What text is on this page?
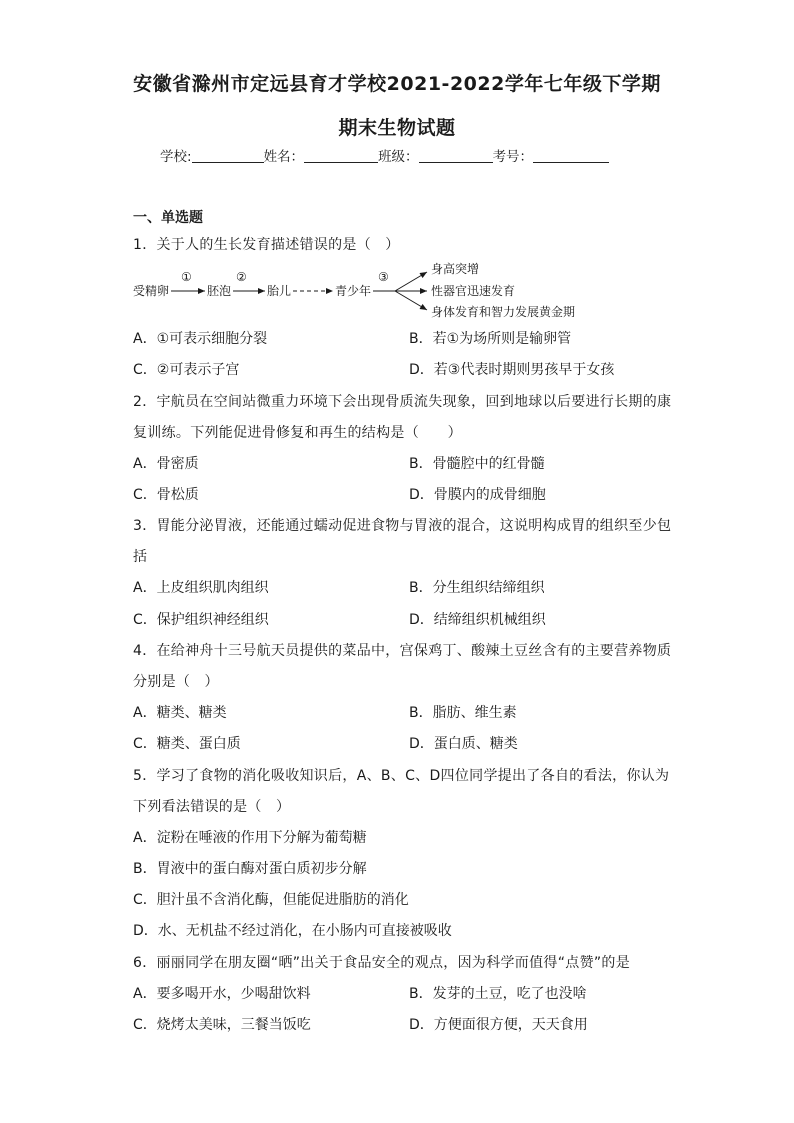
安徽省滁州市定远县育才学校2021-2022学年七年级下学期
期末生物试题
学校:	姓名：	班级：	考号：
一、单选题
1．关于人的生长发育描述错误的是（　）
受精卵
①
胚泡
②
胎儿	青少年
③
身高突增
性器官迅速发育
身体发育和智力发展黄金期
A．①可表示细胞分裂	B．若①为场所则是输卵管
C．②可表示子宫	D．若③代表时期则男孩早于女孩
2．宇航员在空间站微重力环境下会出现骨质流失现象，回到地球以后要进行长期的康
复训练。下列能促进骨修复和再生的结构是（　　）
A．骨密质	B．骨髓腔中的红骨髓
C．骨松质	D．骨膜内的成骨细胞
3．胃能分泌胃液，还能通过蠕动促进食物与胃液的混合，这说明构成胃的组织至少包
括
A．上皮组织肌肉组织	B．分生组织结缔组织
C．保护组织神经组织	D．结缔组织机械组织
4．在给神舟十三号航天员提供的菜品中，宫保鸡丁、酸辣土豆丝含有的主要营养物质
分别是（　）
A．糖类、糖类	B．脂肪、维生素
C．糖类、蛋白质	D．蛋白质、糖类
5．学习了食物的消化吸收知识后，A、B、C、D四位同学提出了各自的看法，你认为
下列看法错误的是（　）
A．淀粉在唾液的作用下分解为葡萄糖
B．胃液中的蛋白酶对蛋白质初步分解
C．胆汁虽不含消化酶，但能促进脂肪的消化
D．水、无机盐不经过消化，在小肠内可直接被吸收
6．丽丽同学在朋友圈“晒”出关于食品安全的观点，因为科学而值得“点赞”的是
A．要多喝开水，少喝甜饮料	B．发芽的土豆，吃了也没啥
C．烧烤太美味，三餐当饭吃	D．方便面很方便，天天食用
